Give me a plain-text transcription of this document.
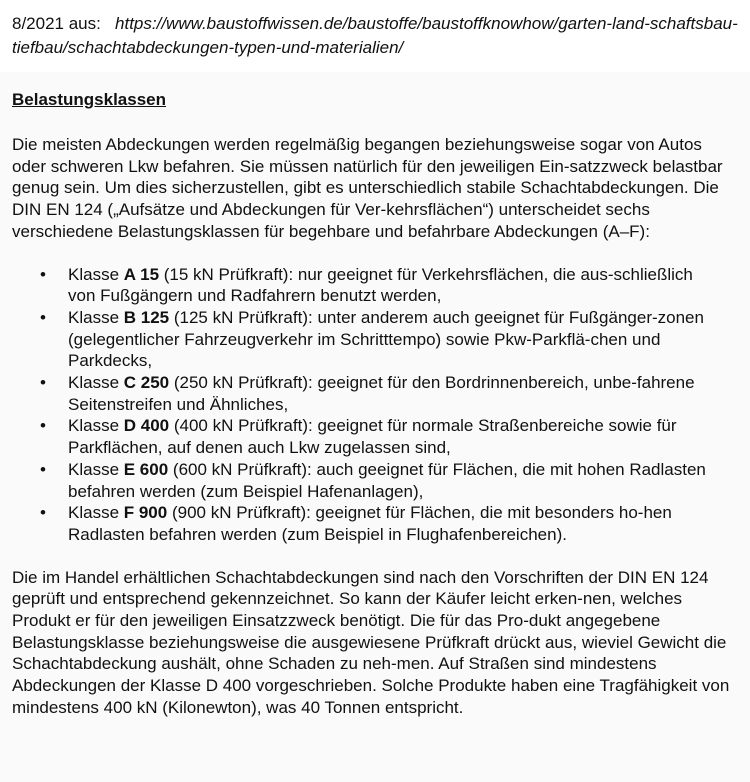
8/2021 aus: https://www.baustoffwissen.de/baustoffe/baustoffknowhow/garten-land-schaftsbau-tiefbau/schachtabdeckungen-typen-und-materialien/
Belastungsklassen

Die meisten Abdeckungen werden regelmäßig begangen beziehungsweise sogar von Autos oder schweren Lkw befahren. Sie müssen natürlich für den jeweiligen Ein-satzzweck belastbar genug sein. Um dies sicherzustellen, gibt es unterschiedlich stabile Schachtabdeckungen. Die DIN EN 124 („Aufsätze und Abdeckungen für Ver-kehrsflächen“) unterscheidet sechs verschiedene Belastungsklassen für begehbare und befahrbare Abdeckungen (A–F):

• Klasse A 15 (15 kN Prüfkraft): nur geeignet für Verkehrsflächen, die aus-schließlich von Fußgängern und Radfahrern benutzt werden,
• Klasse B 125 (125 kN Prüfkraft): unter anderem auch geeignet für Fußgänger-zonen (gelegentlicher Fahrzeugverkehr im Schritttempo) sowie Pkw-Parkflä-chen und Parkdecks,
• Klasse C 250 (250 kN Prüfkraft): geeignet für den Bordrinnenbereich, unbe-fahrene Seitenstreifen und Ähnliches,
• Klasse D 400 (400 kN Prüfkraft): geeignet für normale Straßenbereiche sowie für Parkflächen, auf denen auch Lkw zugelassen sind,
• Klasse E 600 (600 kN Prüfkraft): auch geeignet für Flächen, die mit hohen Radlasten befahren werden (zum Beispiel Hafenanlagen),
• Klasse F 900 (900 kN Prüfkraft): geeignet für Flächen, die mit besonders ho-hen Radlasten befahren werden (zum Beispiel in Flughafenbereichen).

Die im Handel erhältlichen Schachtabdeckungen sind nach den Vorschriften der DIN EN 124 geprüft und entsprechend gekennzeichnet. So kann der Käufer leicht erken-nen, welches Produkt er für den jeweiligen Einsatzzweck benötigt. Die für das Pro-dukt angegebene Belastungsklasse beziehungsweise die ausgewiesene Prüfkraft drückt aus, wieviel Gewicht die Schachtabdeckung aushält, ohne Schaden zu neh-men. Auf Straßen sind mindestens Abdeckungen der Klasse D 400 vorgeschrieben. Solche Produkte haben eine Tragfähigkeit von mindestens 400 kN (Kilonewton), was 40 Tonnen entspricht.
